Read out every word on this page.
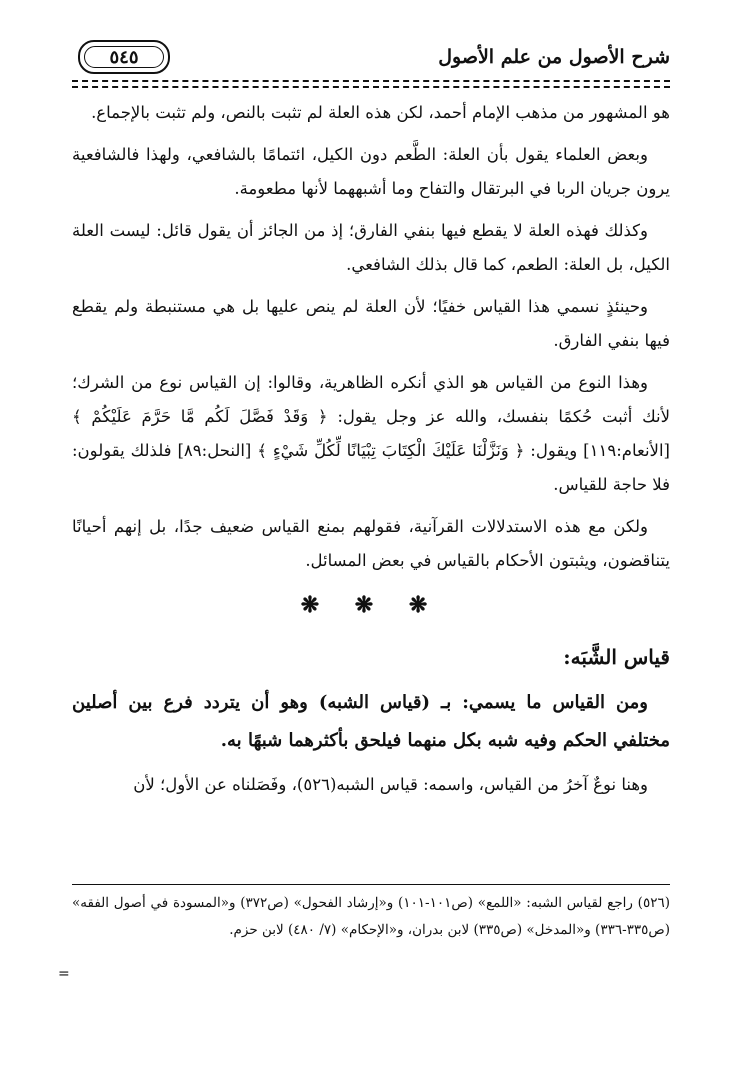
شرح الأصول من علم الأصول
٥٤٥

هو المشهور من مذهب الإمام أحمد، لكن هذه العلة لم تثبت بالنص، ولم تثبت بالإجماع.

وبعض العلماء يقول بأن العلة: الطَّعم دون الكيل، ائتمامًا بالشافعي، ولهذا فالشافعية يرون جريان الربا في البرتقال والتفاح وما أشبههما لأنها مطعومة.

وكذلك فهذه العلة لا يقطع فيها بنفي الفارق؛ إذ من الجائز أن يقول قائل: ليست العلة الكيل، بل العلة: الطعم، كما قال بذلك الشافعي.

وحينئذٍ نسمي هذا القياس خفيًا؛ لأن العلة لم ينص عليها بل هي مستنبطة ولم يقطع فيها بنفي الفارق.

وهذا النوع من القياس هو الذي أنكره الظاهرية، وقالوا: إن القياس نوع من الشرك؛ لأنك أثبت حُكمًا بنفسك، والله عز وجل يقول: ﴿ وَقَدْ فَصَّلَ لَكُم مَّا حَرَّمَ عَلَيْكُمْ ﴾ [الأنعام:١١٩] ويقول: ﴿ وَنَزَّلْنَا عَلَيْكَ الْكِتَابَ تِبْيَانًا لِّكُلِّ شَيْءٍ ﴾ [النحل:٨٩] فلذلك يقولون: فلا حاجة للقياس.

ولكن مع هذه الاستدلالات القرآنية، فقولهم بمنع القياس ضعيف جدًا، بل إنهم أحيانًا يتناقضون، ويثبتون الأحكام بالقياس في بعض المسائل.

❋ ❋ ❋
قياس الشَّبَه:

ومن القياس ما يسمي: بـ (قياس الشبه) وهو أن يتردد فرع بين أصلين مختلفي الحكم وفيه شبه بكل منهما فيلحق بأكثرهما شبهًا به.

وهنا نوعٌ آخرُ من القياس، واسمه: قياس الشبه(٥٢٦)، وفَصَلناه عن الأول؛ لأن

(٥٢٦) راجع لقياس الشبه: «اللمع» (ص١٠١-١٠١) و«إرشاد الفحول» (ص٣٧٢) و«المسودة في أصول الفقه» (ص٣٣٥-٣٣٦) و«المدخل» (ص٣٣٥) لابن بدران، و«الإحكام» (٧/ ٤٨٠) لابن حزم.
=
